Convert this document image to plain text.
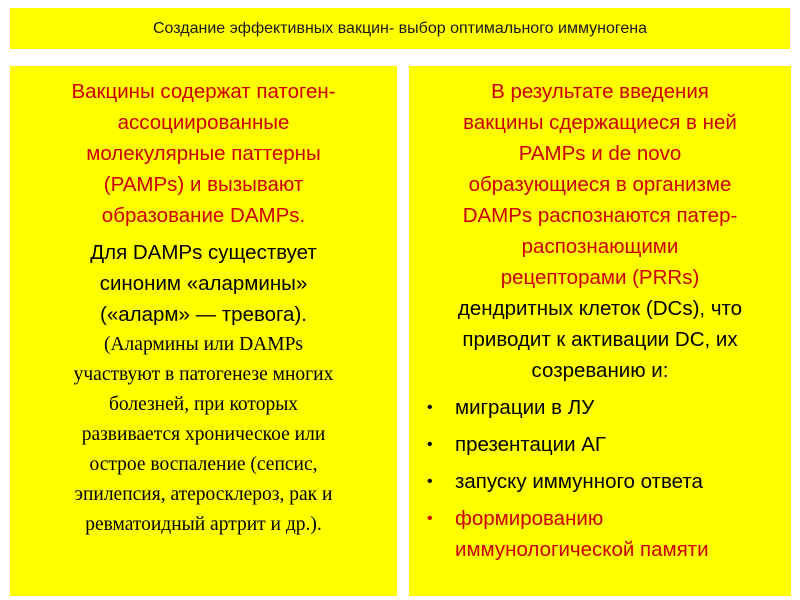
Создание эффективных вакцин- выбор оптимального иммуногена
Вакцины содержат патоген-
ассоциированные
молекулярные паттерны
(PAMPs) и вызывают
образование DAMPs.
Для DAMPs существует
синоним «алармины»
(«аларм» — тревога).
(Алармины или DAMPs
участвуют в патогенезе многих
болезней, при которых
развивается хроническое или
острое воспаление (сепсис,
эпилепсия, атеросклероз, рак и
ревматоидный артрит и др.).
В результате введения
вакцины сдержащиеся в ней
PAMPs и de novo
образующиеся в организме
DAMPs распознаются патер-
распознающими
рецепторами (PRRs)
дендритных клеток (DCs), что
приводит к активации DC, их
созреванию и:
•	миграции в ЛУ
•	презентации АГ
•	запуску иммунного ответа
•	формированию иммунологической памяти
